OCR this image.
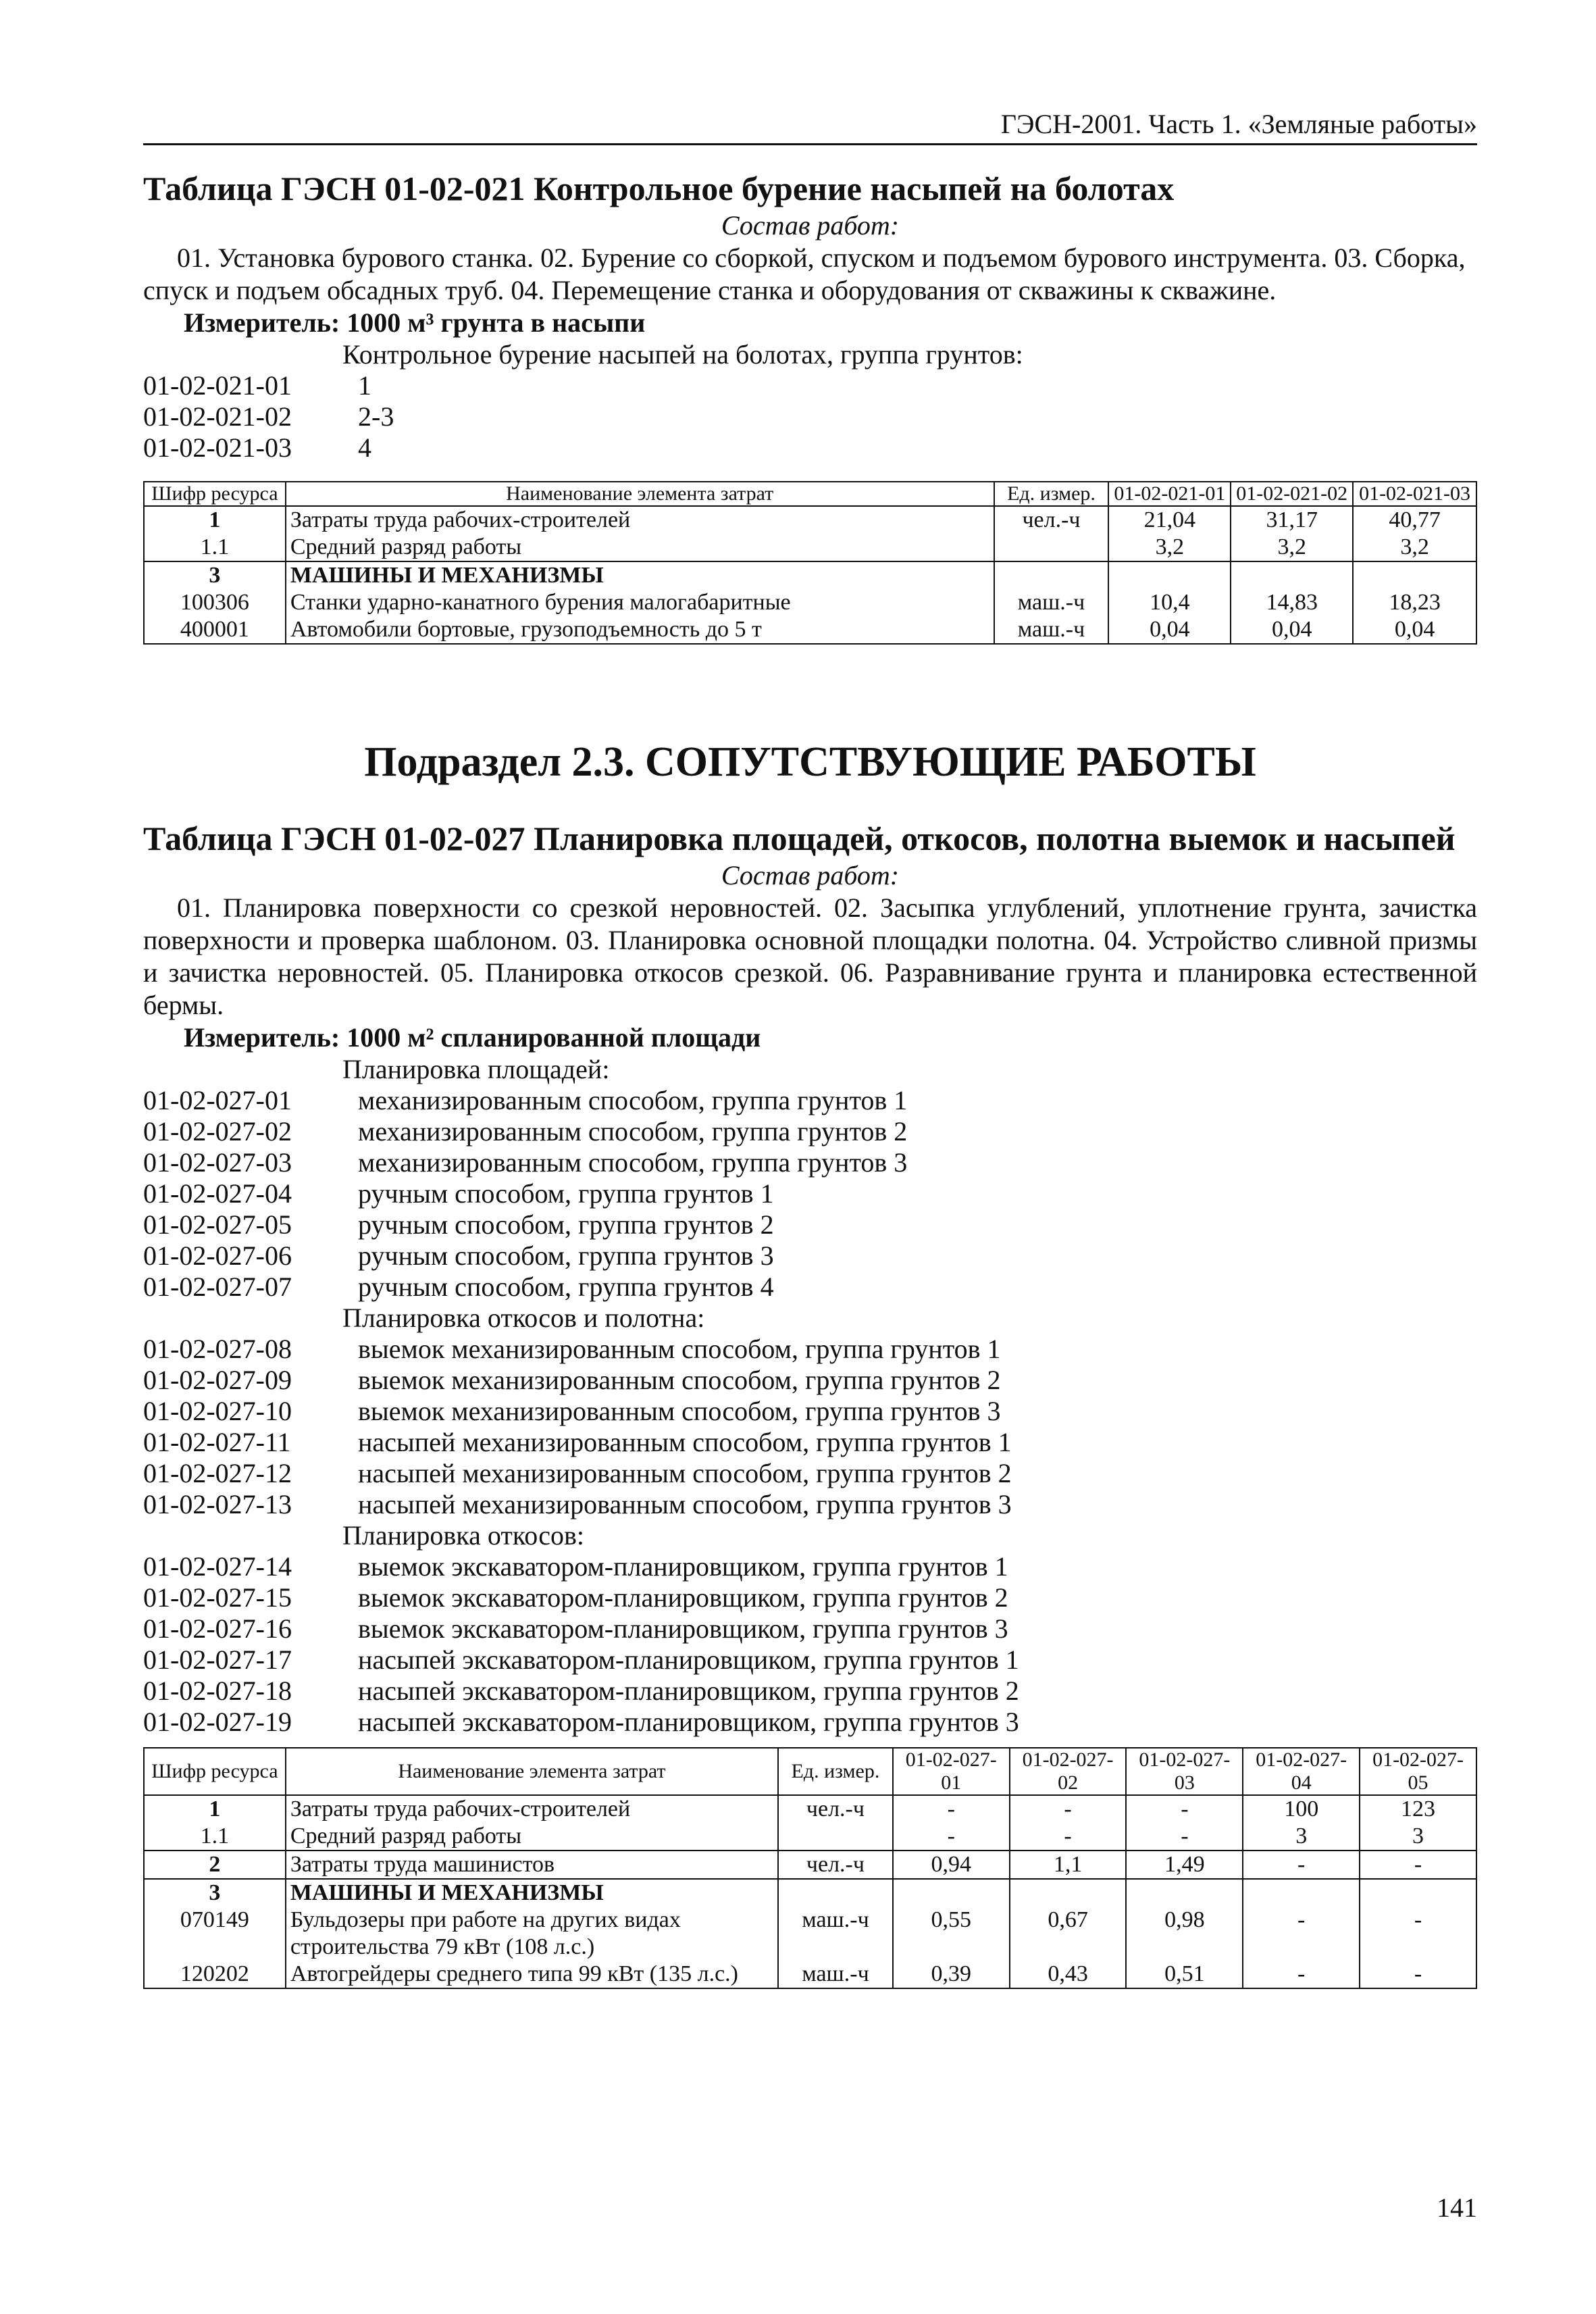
ГЭСН-2001. Часть 1. «Земляные работы»
Таблица ГЭСН 01-02-021 Контрольное бурение насыпей на болотах
Состав работ:

01. Установка бурового станка. 02. Бурение со сборкой, спуском и подъемом бурового инструмента. 03. Сборка, спуск и подъем обсадных труб. 04. Перемещение станка и оборудования от скважины к скважине.

Измеритель: 1000 м³ грунта в насыпи
Контрольное бурение насыпей на болотах, группа грунтов:
01-02-021-01	1
01-02-021-02	2-3
01-02-021-03	4
Шифр ресурса	Наименование элемента затрат	Ед. измер.	01-02-021-01	01-02-021-02	01-02-021-03
1	Затраты труда рабочих-строителей	чел.-ч	21,04	31,17	40,77
1.1	Средний разряд работы		3,2	3,2	3,2
3	МАШИНЫ И МЕХАНИЗМЫ				
100306	Станки ударно-канатного бурения малогабаритные	маш.-ч	10,4	14,83	18,23
400001	Автомобили бортовые, грузоподъемность до 5 т	маш.-ч	0,04	0,04	0,04
Подраздел 2.3. СОПУТСТВУЮЩИЕ РАБОТЫ
Таблица ГЭСН 01-02-027 Планировка площадей, откосов, полотна выемок и насыпей
Состав работ:

01. Планировка поверхности со срезкой неровностей. 02. Засыпка углублений, уплотнение грунта, зачистка поверхности и проверка шаблоном. 03. Планировка основной площадки полотна. 04. Устройство сливной призмы и зачистка неровностей. 05. Планировка откосов срезкой. 06. Разравнивание грунта и планировка естественной бермы.

Измеритель: 1000 м² спланированной площади
Планировка площадей:
01-02-027-01	механизированным способом, группа грунтов 1
01-02-027-02	механизированным способом, группа грунтов 2
01-02-027-03	механизированным способом, группа грунтов 3
01-02-027-04	ручным способом, группа грунтов 1
01-02-027-05	ручным способом, группа грунтов 2
01-02-027-06	ручным способом, группа грунтов 3
01-02-027-07	ручным способом, группа грунтов 4
Планировка откосов и полотна:
01-02-027-08	выемок механизированным способом, группа грунтов 1
01-02-027-09	выемок механизированным способом, группа грунтов 2
01-02-027-10	выемок механизированным способом, группа грунтов 3
01-02-027-11	насыпей механизированным способом, группа грунтов 1
01-02-027-12	насыпей механизированным способом, группа грунтов 2
01-02-027-13	насыпей механизированным способом, группа грунтов 3
Планировка откосов:
01-02-027-14	выемок экскаватором-планировщиком, группа грунтов 1
01-02-027-15	выемок экскаватором-планировщиком, группа грунтов 2
01-02-027-16	выемок экскаватором-планировщиком, группа грунтов 3
01-02-027-17	насыпей экскаватором-планировщиком, группа грунтов 1
01-02-027-18	насыпей экскаватором-планировщиком, группа грунтов 2
01-02-027-19	насыпей экскаватором-планировщиком, группа грунтов 3
Шифр ресурса	Наименование элемента затрат	Ед. измер.	01-02-027-01	01-02-027-02	01-02-027-03	01-02-027-04	01-02-027-05
1	Затраты труда рабочих-строителей	чел.-ч	-	-	-	100	123
1.1	Средний разряд работы		-	-	-	3	3
2	Затраты труда машинистов	чел.-ч	0,94	1,1	1,49	-	-
3	МАШИНЫ И МЕХАНИЗМЫ						
070149	Бульдозеры при работе на других видах строительства 79 кВт (108 л.с.)	маш.-ч	0,55	0,67	0,98	-	-
120202	Автогрейдеры среднего типа 99 кВт (135 л.с.)	маш.-ч	0,39	0,43	0,51	-	-
141
